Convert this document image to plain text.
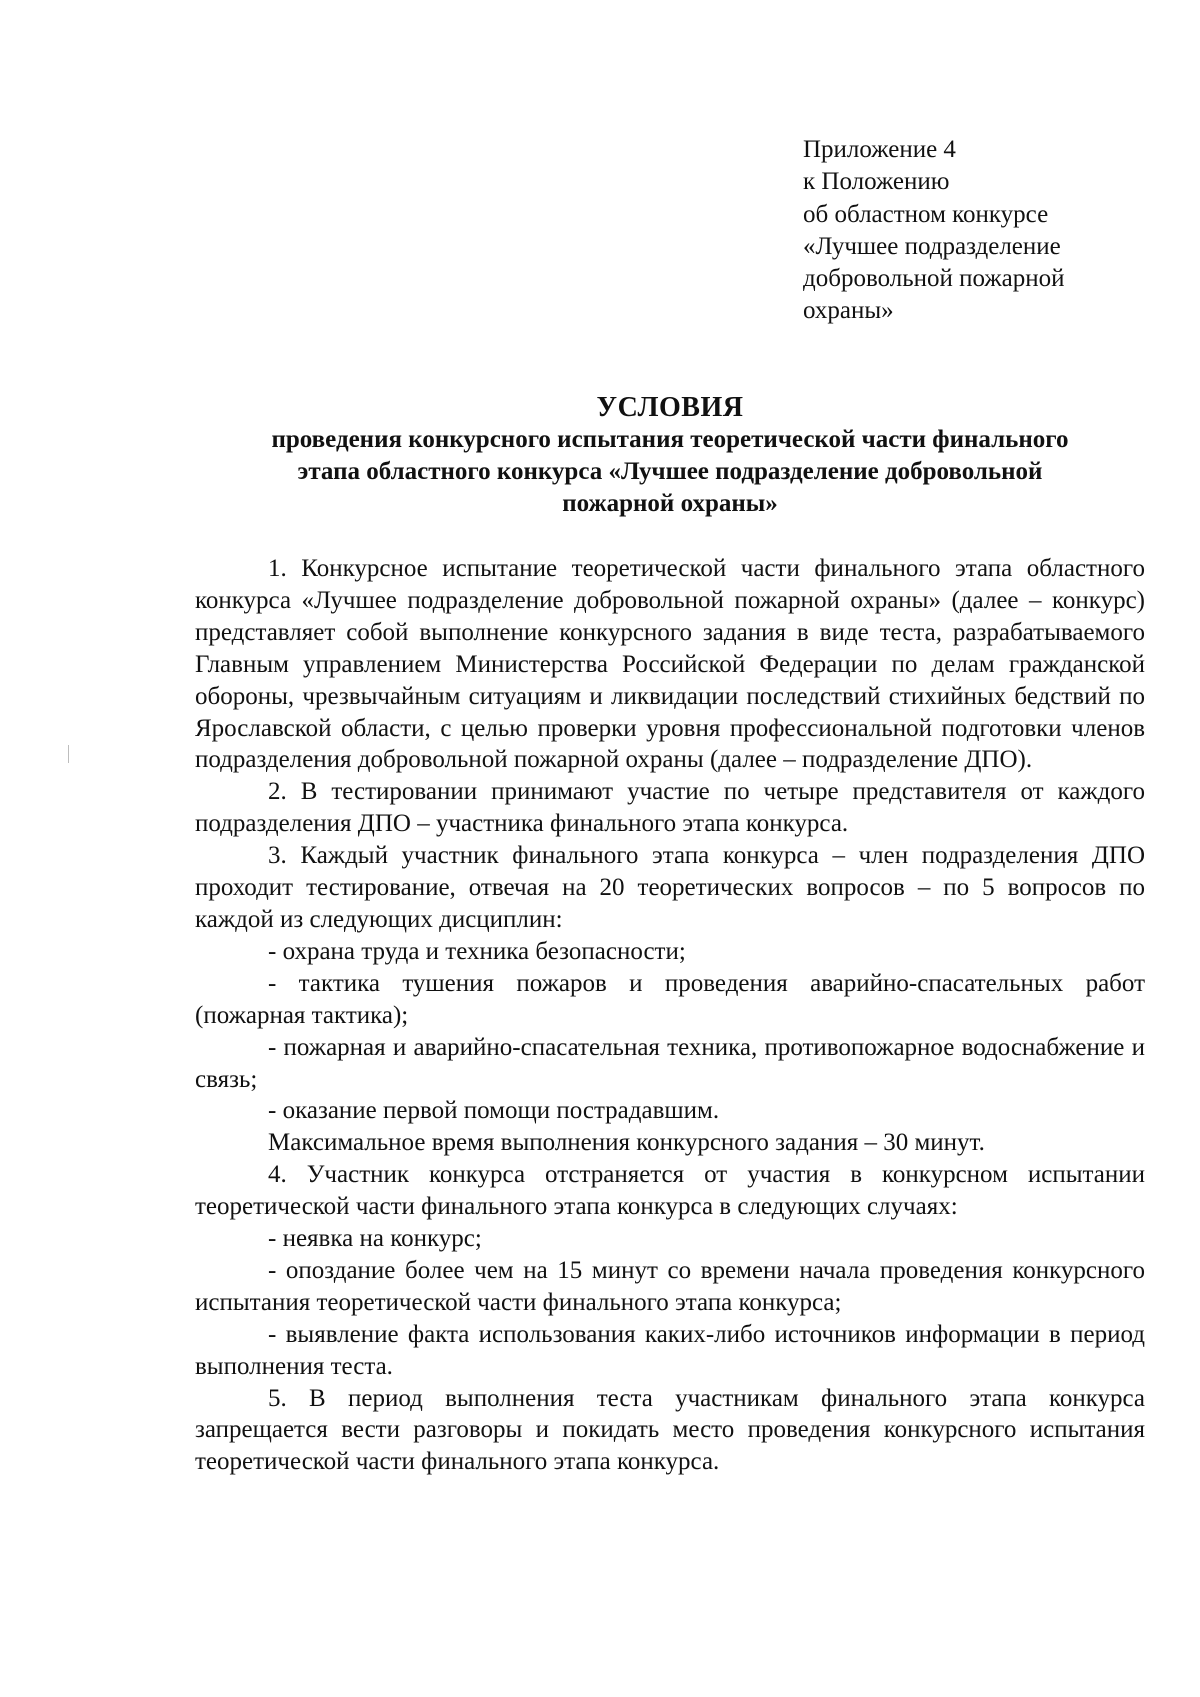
Приложение 4
к Положению
об областном конкурсе
«Лучшее подразделение
добровольной пожарной
охраны»
УСЛОВИЯ
проведения конкурсного испытания теоретической части финального
этапа областного конкурса «Лучшее подразделение добровольной
пожарной охраны»
1. Конкурсное испытание теоретической части финального этапа областного конкурса «Лучшее подразделение добровольной пожарной охраны» (далее – конкурс) представляет собой выполнение конкурсного задания в виде теста, разрабатываемого Главным управлением Министерства Российской Федерации по делам гражданской обороны, чрезвычайным ситуациям и ликвидации последствий стихийных бедствий по Ярославской области, с целью проверки уровня профессиональной подготовки членов подразделения добровольной пожарной охраны (далее – подразделение ДПО).
2. В тестировании принимают участие по четыре представителя от каждого подразделения ДПО – участника финального этапа конкурса.
3. Каждый участник финального этапа конкурса – член подразделения ДПО проходит тестирование, отвечая на 20 теоретических вопросов – по 5 вопросов по каждой из следующих дисциплин:
- охрана труда и техника безопасности;
- тактика тушения пожаров и проведения аварийно-спасательных работ (пожарная тактика);
- пожарная и аварийно-спасательная техника, противопожарное водоснабжение и связь;
- оказание первой помощи пострадавшим.
Максимальное время выполнения конкурсного задания – 30 минут.
4. Участник конкурса отстраняется от участия в конкурсном испытании теоретической части финального этапа конкурса в следующих случаях:
- неявка на конкурс;
- опоздание более чем на 15 минут со времени начала проведения конкурсного испытания теоретической части финального этапа конкурса;
- выявление факта использования каких-либо источников информации в период выполнения теста.
5. В период выполнения теста участникам финального этапа конкурса запрещается вести разговоры и покидать место проведения конкурсного испытания теоретической части финального этапа конкурса.
